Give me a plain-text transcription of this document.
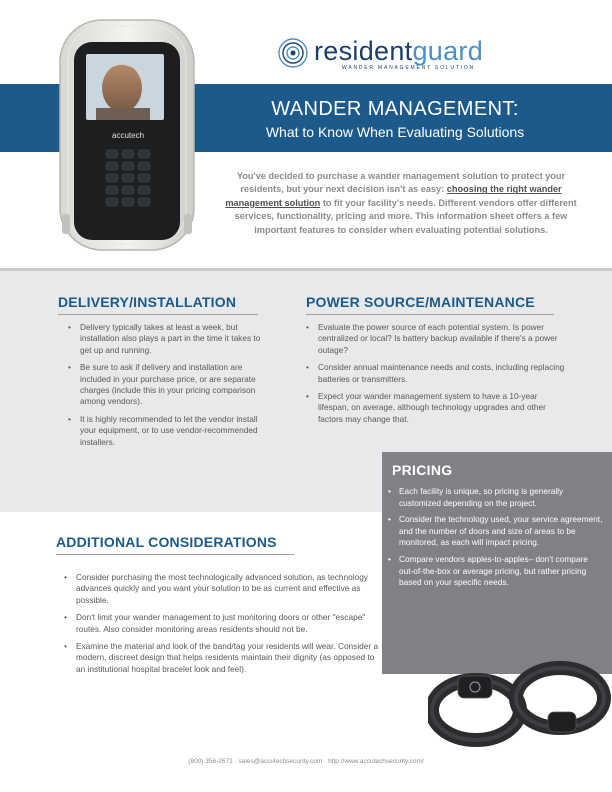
residentguard
WANDER MANAGEMENT SOLUTION
accutech
WANDER MANAGEMENT:
What to Know When Evaluating Solutions
You've decided to purchase a wander management solution to protect your residents, but your next decision isn't as easy: choosing the right wander management solution to fit your facility's needs. Different vendors offer different services, functionality, pricing and more. This information sheet offers a few important features to consider when evaluating potential solutions.
DELIVERY/INSTALLATION
• Delivery typically takes at least a week, but installation also plays a part in the time it takes to get up and running.
• Be sure to ask if delivery and installation are included in your purchase price, or are separate charges (include this in your pricing comparison among vendors).
• It is highly recommended to let the vendor install your equipment, or to use vendor-recommended installers.
POWER SOURCE/MAINTENANCE
• Evaluate the power source of each potential system. Is power centralized or local? Is battery backup available if there's a power outage?
• Consider annual maintenance needs and costs, including replacing batteries or transmitters.
• Expect your wander management system to have a 10-year lifespan, on average, although technology upgrades and other factors may change that.
PRICING
• Each facility is unique, so pricing is generally customized depending on the project.
• Consider the technology used, your service agreement, and the number of doors and size of areas to be monitored, as each will impact pricing.
• Compare vendors apples-to-apples– don't compare out-of-the-box or average pricing, but rather pricing based on your specific needs.
ADDITIONAL CONSIDERATIONS
• Consider purchasing the most technologically advanced solution, as technology advances quickly and you want your solution to be as current and effective as possible.
• Don't limit your wander management to just monitoring doors or other "escape" routes. Also consider monitoring areas residents should not be.
• Examine the material and look of the band/tag your residents will wear. Consider a modern, discreet design that helps residents maintain their dignity (as opposed to an institutional hospital bracelet look and feel).
(800) 356-2671 · sales@accutechsecurity.com · http://www.accutechsecurity.com/
